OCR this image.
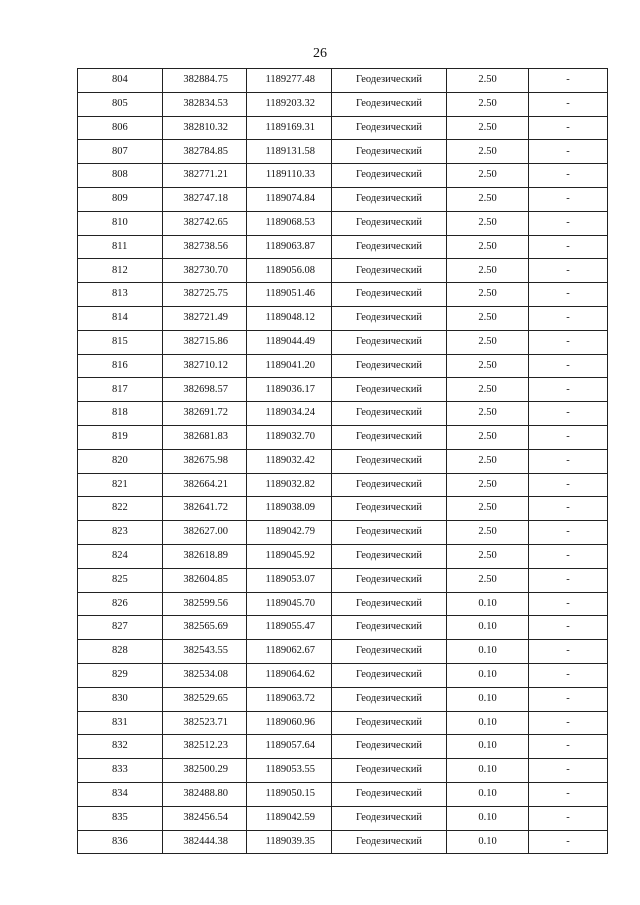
26
804	382884.75	1189277.48	Геодезический	2.50	-
805	382834.53	1189203.32	Геодезический	2.50	-
806	382810.32	1189169.31	Геодезический	2.50	-
807	382784.85	1189131.58	Геодезический	2.50	-
808	382771.21	1189110.33	Геодезический	2.50	-
809	382747.18	1189074.84	Геодезический	2.50	-
810	382742.65	1189068.53	Геодезический	2.50	-
811	382738.56	1189063.87	Геодезический	2.50	-
812	382730.70	1189056.08	Геодезический	2.50	-
813	382725.75	1189051.46	Геодезический	2.50	-
814	382721.49	1189048.12	Геодезический	2.50	-
815	382715.86	1189044.49	Геодезический	2.50	-
816	382710.12	1189041.20	Геодезический	2.50	-
817	382698.57	1189036.17	Геодезический	2.50	-
818	382691.72	1189034.24	Геодезический	2.50	-
819	382681.83	1189032.70	Геодезический	2.50	-
820	382675.98	1189032.42	Геодезический	2.50	-
821	382664.21	1189032.82	Геодезический	2.50	-
822	382641.72	1189038.09	Геодезический	2.50	-
823	382627.00	1189042.79	Геодезический	2.50	-
824	382618.89	1189045.92	Геодезический	2.50	-
825	382604.85	1189053.07	Геодезический	2.50	-
826	382599.56	1189045.70	Геодезический	0.10	-
827	382565.69	1189055.47	Геодезический	0.10	-
828	382543.55	1189062.67	Геодезический	0.10	-
829	382534.08	1189064.62	Геодезический	0.10	-
830	382529.65	1189063.72	Геодезический	0.10	-
831	382523.71	1189060.96	Геодезический	0.10	-
832	382512.23	1189057.64	Геодезический	0.10	-
833	382500.29	1189053.55	Геодезический	0.10	-
834	382488.80	1189050.15	Геодезический	0.10	-
835	382456.54	1189042.59	Геодезический	0.10	-
836	382444.38	1189039.35	Геодезический	0.10	-
